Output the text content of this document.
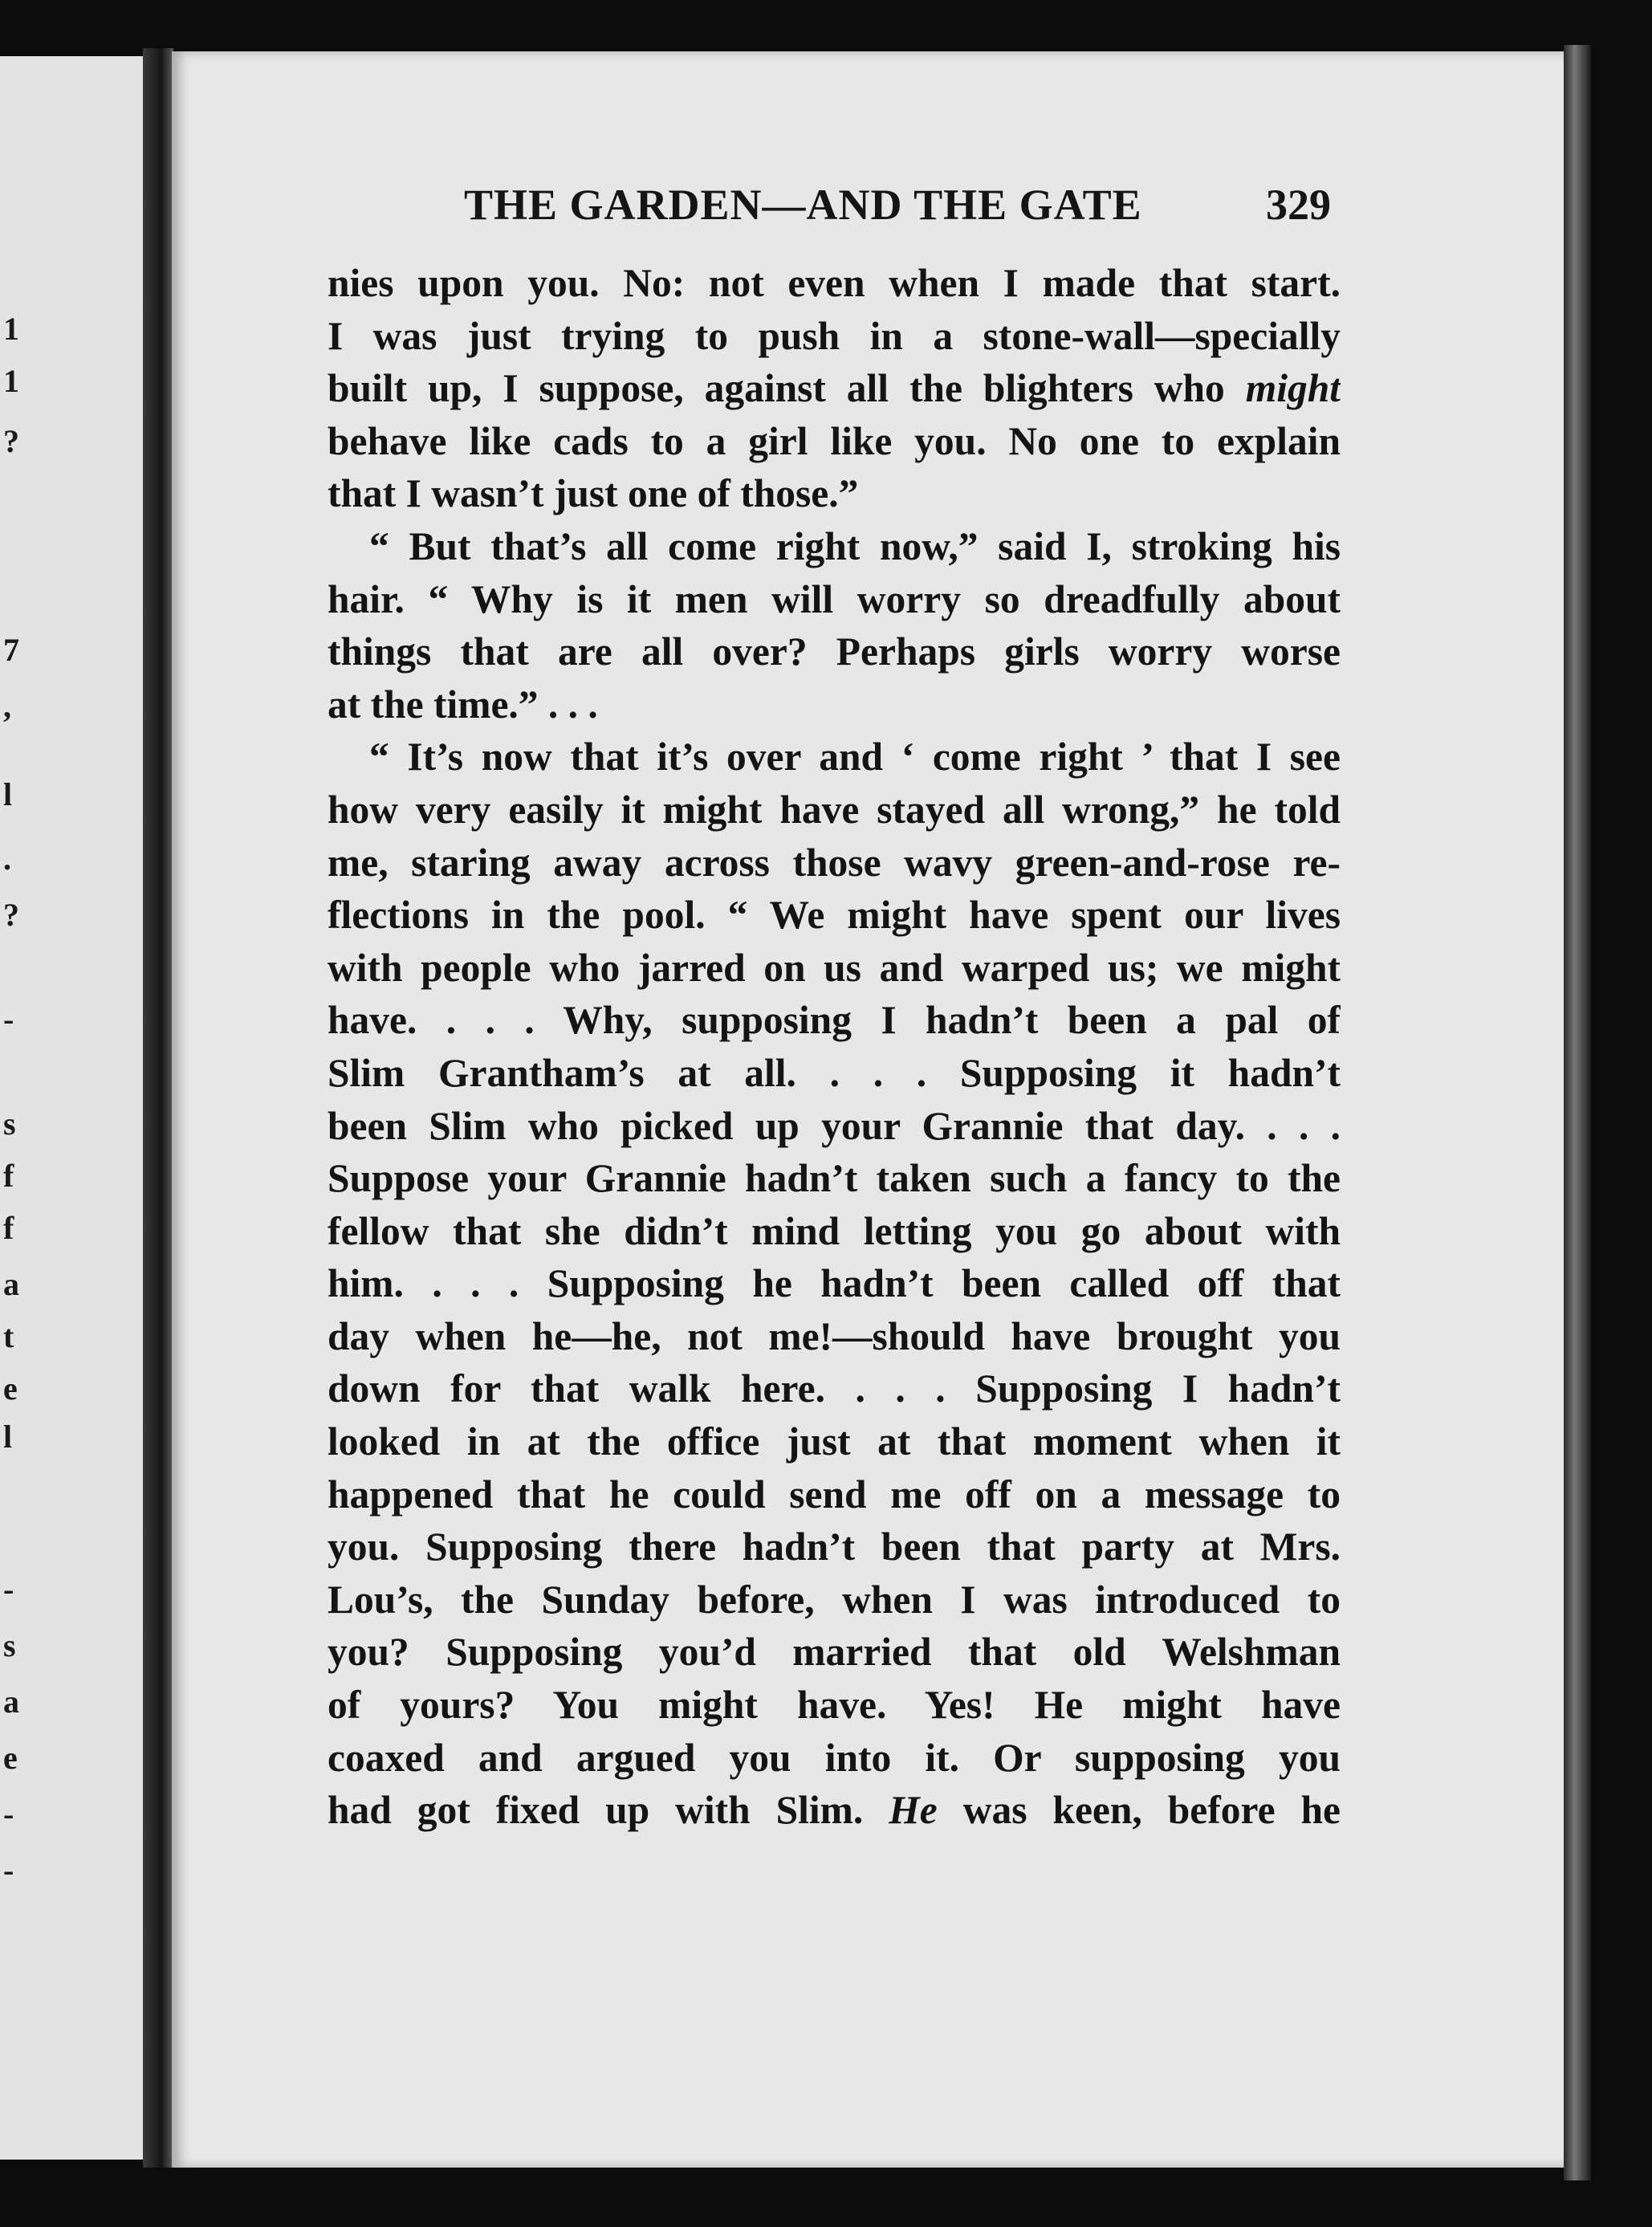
1
1
?
7
,
l
.
?
-
s
f
f
a
t
e
l
-
s
a
e
-
-
THE GARDEN—AND THE GATE	329
nies upon you. No: not even when I made that start.
I was just trying to push in a stone-wall—specially
built up, I suppose, against all the blighters who might
behave like cads to a girl like you. No one to explain
that I wasn’t just one of those.”
“ But that’s all come right now,” said I, stroking his
hair. “ Why is it men will worry so dreadfully about
things that are all over? Perhaps girls worry worse
at the time.” . . .
“ It’s now that it’s over and ‘ come right ’ that I see
how very easily it might have stayed all wrong,” he told
me, staring away across those wavy green-and-rose re-
flections in the pool. “ We might have spent our lives
with people who jarred on us and warped us; we might
have. . . . Why, supposing I hadn’t been a pal of
Slim Grantham’s at all. . . . Supposing it hadn’t
been Slim who picked up your Grannie that day. . . .
Suppose your Grannie hadn’t taken such a fancy to the
fellow that she didn’t mind letting you go about with
him. . . . Supposing he hadn’t been called off that
day when he—he, not me!—should have brought you
down for that walk here. . . . Supposing I hadn’t
looked in at the office just at that moment when it
happened that he could send me off on a message to
you. Supposing there hadn’t been that party at Mrs.
Lou’s, the Sunday before, when I was introduced to
you? Supposing you’d married that old Welshman
of yours? You might have. Yes! He might have
coaxed and argued you into it. Or supposing you
had got fixed up with Slim. He was keen, before he
